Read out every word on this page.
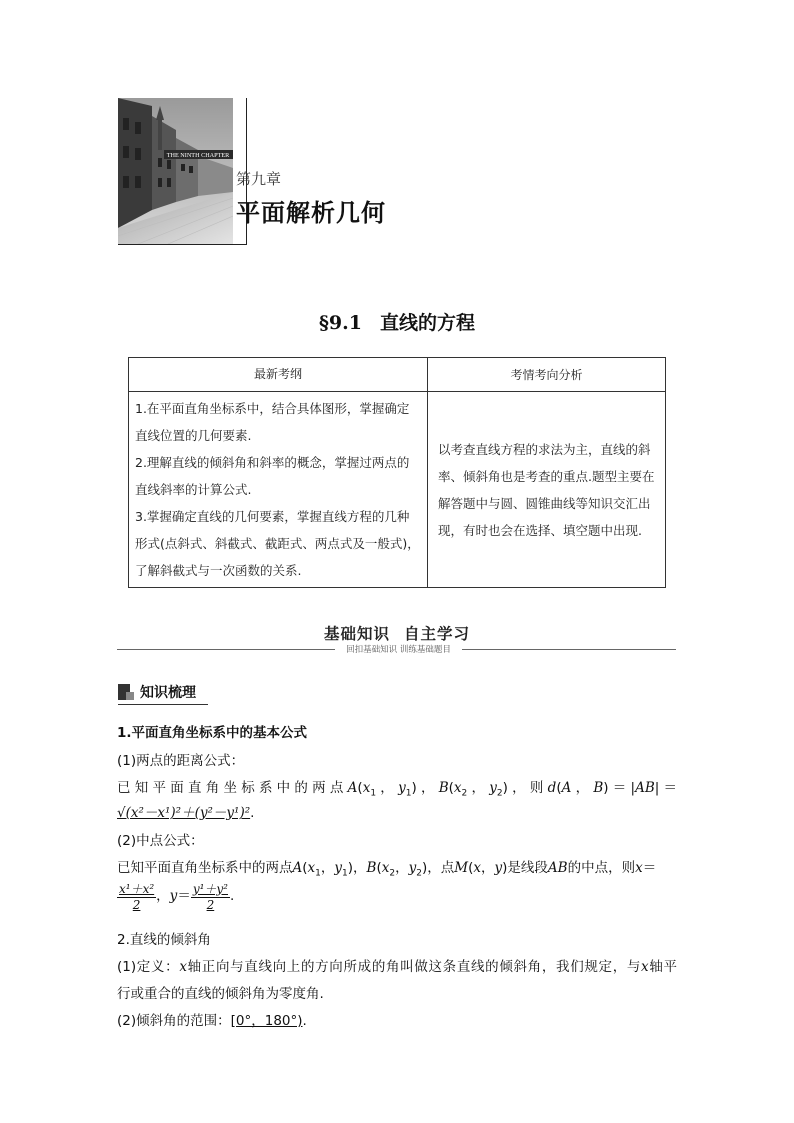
THE NINTH CHAPTER
第九章
平面解析几何
§9.1 直线的方程
最新考纲	考情考向分析

1.在平面直角坐标系中，结合具体图形，掌握确定直线位置的几何要素.

2.理解直线的倾斜角和斜率的概念，掌握过两点的直线斜率的计算公式.

3.掌握确定直线的几何要素，掌握直线方程的几种形式(点斜式、斜截式、截距式、两点式及一般式)，了解斜截式与一次函数的关系.	以考查直线方程的求法为主，直线的斜率、倾斜角也是考查的重点.题型主要在解答题中与圆、圆锥曲线等知识交汇出现，有时也会在选择、填空题中出现.

基础知识 自主学习
回扣基础知识 训练基础题目
知识梳理
1.平面直角坐标系中的基本公式
(1)两点的距离公式：
已知平面直角坐标系中的两点$A(x_1$，$y_1$)，$B(x_2$，$y_2$)，则d(A，B)＝|AB|＝
√(x²－x¹)²＋(y²－y¹)².
(2)中点公式：
已知平面直角坐标系中的两点$A(x_1$，$y_1$)，$B(x_2$，$y_2$)，点M(x，y)是线段AB的中点，则x＝
$\frac{\text{x¹＋x²}}{2}$ ，$y= \frac{\text{y¹＋y²}}{2}$ .
2.直线的倾斜角
(1)定义：x轴正向与直线向上的方向所成的角叫做这条直线的倾斜角，我们规定，与x轴平
行或重合的直线的倾斜角为零度角.
(2)倾斜角的范围：[0°，180°).
